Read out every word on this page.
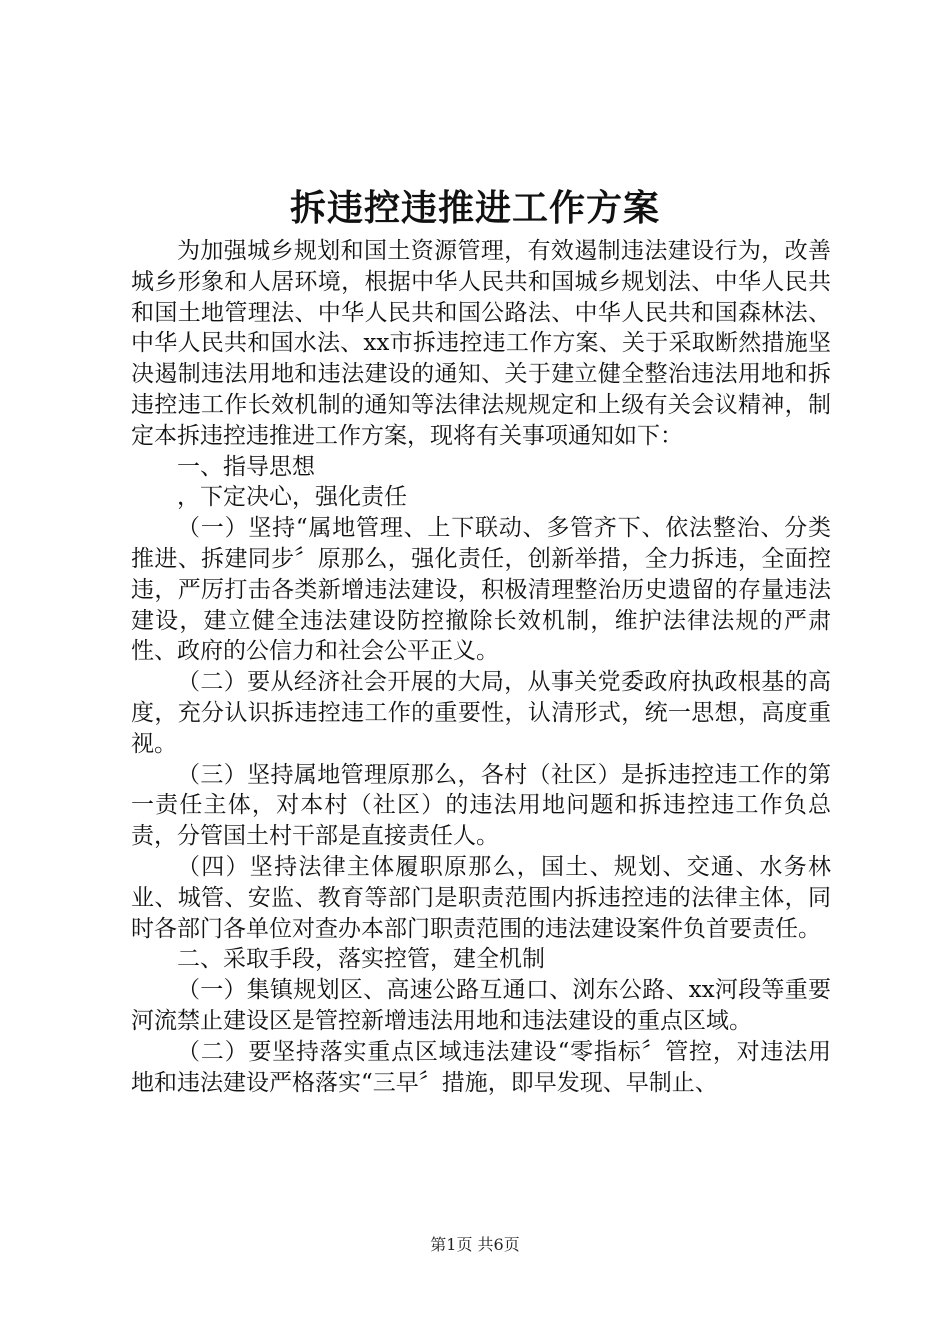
拆违控违推进工作方案

为加强城乡规划和国土资源管理，有效遏制违法建设行为，改善城乡形象和人居环境，根据中华人民共和国城乡规划法、中华人民共和国土地管理法、中华人民共和国公路法、中华人民共和国森林法、中华人民共和国水法、xx市拆违控违工作方案、关于采取断然措施坚决遏制违法用地和违法建设的通知、关于建立健全整治违法用地和拆违控违工作长效机制的通知等法律法规规定和上级有关会议精神，制定本拆违控违推进工作方案，现将有关事项通知如下：

一、指导思想

，下定决心，强化责任

（一）坚持“属地管理、上下联动、多管齐下、依法整治、分类推进、拆建同步〞原那么，强化责任，创新举措，全力拆违，全面控违，严厉打击各类新增违法建设，积极清理整治历史遗留的存量违法建设，建立健全违法建设防控撤除长效机制，维护法律法规的严肃性、政府的公信力和社会公平正义。

（二）要从经济社会开展的大局，从事关党委政府执政根基的高度，充分认识拆违控违工作的重要性，认清形式，统一思想，高度重视。

（三）坚持属地管理原那么，各村（社区）是拆违控违工作的第一责任主体，对本村（社区）的违法用地问题和拆违控违工作负总责，分管国土村干部是直接责任人。

（四）坚持法律主体履职原那么，国土、规划、交通、水务林业、城管、安监、教育等部门是职责范围内拆违控违的法律主体，同时各部门各单位对查办本部门职责范围的违法建设案件负首要责任。

二、采取手段，落实控管，建全机制

（一）集镇规划区、高速公路互通口、浏东公路、xx河段等重要河流禁止建设区是管控新增违法用地和违法建设的重点区域。

（二）要坚持落实重点区域违法建设“零指标〞管控，对违法用地和违法建设严格落实“三早〞措施，即早发现、早制止、

第1页 共6页
